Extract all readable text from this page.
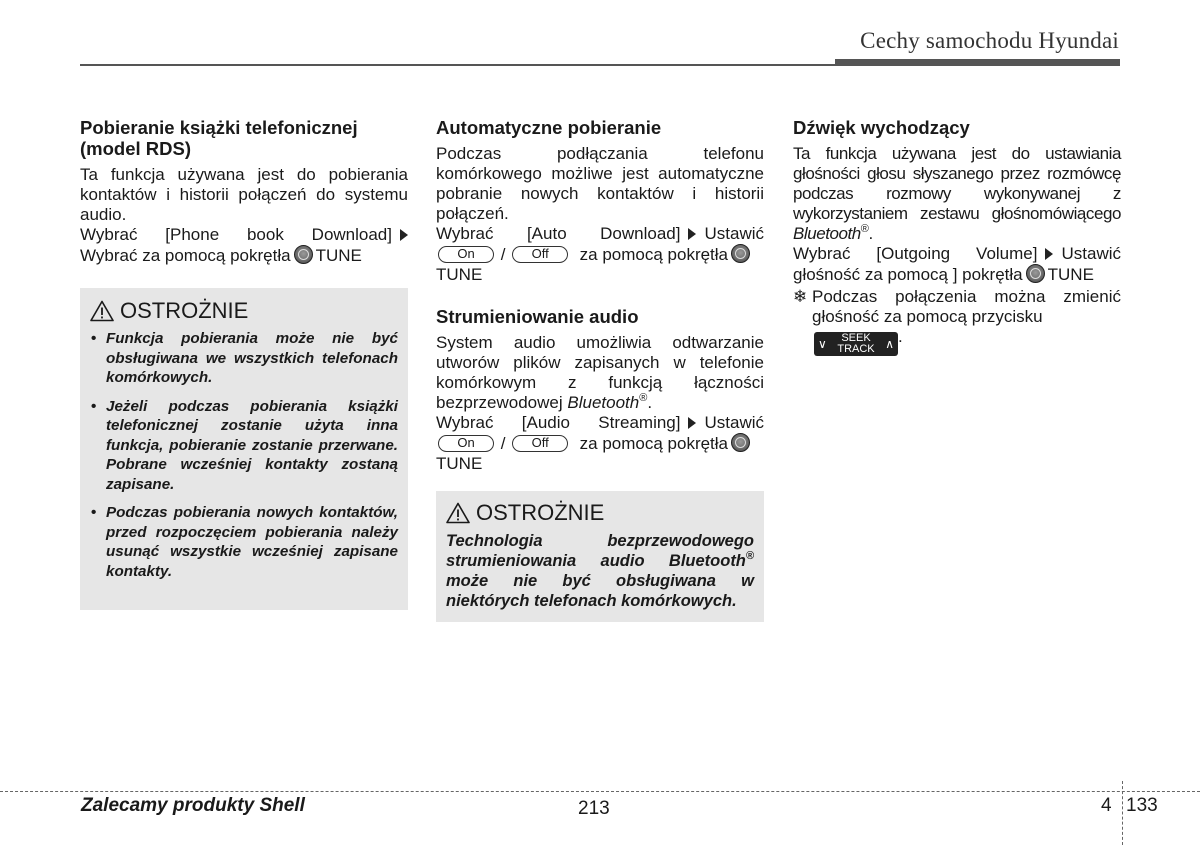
Cechy samochodu Hyundai
Pobieranie książki telefonicznej (model RDS)

Ta funkcja używana jest do pobierania kontaktów i historii połączeń do systemu audio.

Wybrać [Phone book Download]

Wybrać za pomocą pokrętła TUNE

OSTROŻNIE
• Funkcja pobierania może nie być obsługiwana we wszystkich telefonach komórkowych.
• Jeżeli podczas pobierania książki telefonicznej zostanie użyta inna funkcja, pobieranie zostanie przerwane. Pobrane wcześniej kontakty zostaną zapisane.
• Podczas pobierania nowych kontaktów, przed rozpoczęciem pobierania należy usunąć wszystkie wcześniej zapisane kontakty.
Automatyczne pobieranie

Podczas podłączania telefonu komórkowego możliwe jest automatyczne pobranie nowych kontaktów i historii połączeń.

Wybrać [Auto Download] Ustawić

On / Off za pomocą pokrętła

TUNE

Strumieniowanie audio

System audio umożliwia odtwarzanie utworów plików zapisanych w telefonie komórkowym z funkcją łączności bezprzewodowej Bluetooth®.

Wybrać [Audio Streaming] Ustawić

On / Off za pomocą pokrętła

TUNE

OSTROŻNIE

Technologia bezprzewodowego strumieniowania audio Bluetooth® może nie być obsługiwana w niektórych telefonach komórkowych.

Dźwięk wychodzący

Ta funkcja używana jest do ustawiania głośności głosu słyszanego przez rozmówcę podczas rozmowy wykonywanej z wykorzystaniem zestawu głośnomówiącego Bluetooth®.

Wybrać [Outgoing Volume] Ustawić

głośność za pomocą ] pokrętła TUNE

❄ Podczas połączenia można zmienić głośność za pomocą przycisku

∨	SEEK
TRACK ∧ .
Zalecamy produkty Shell	213	4 133
